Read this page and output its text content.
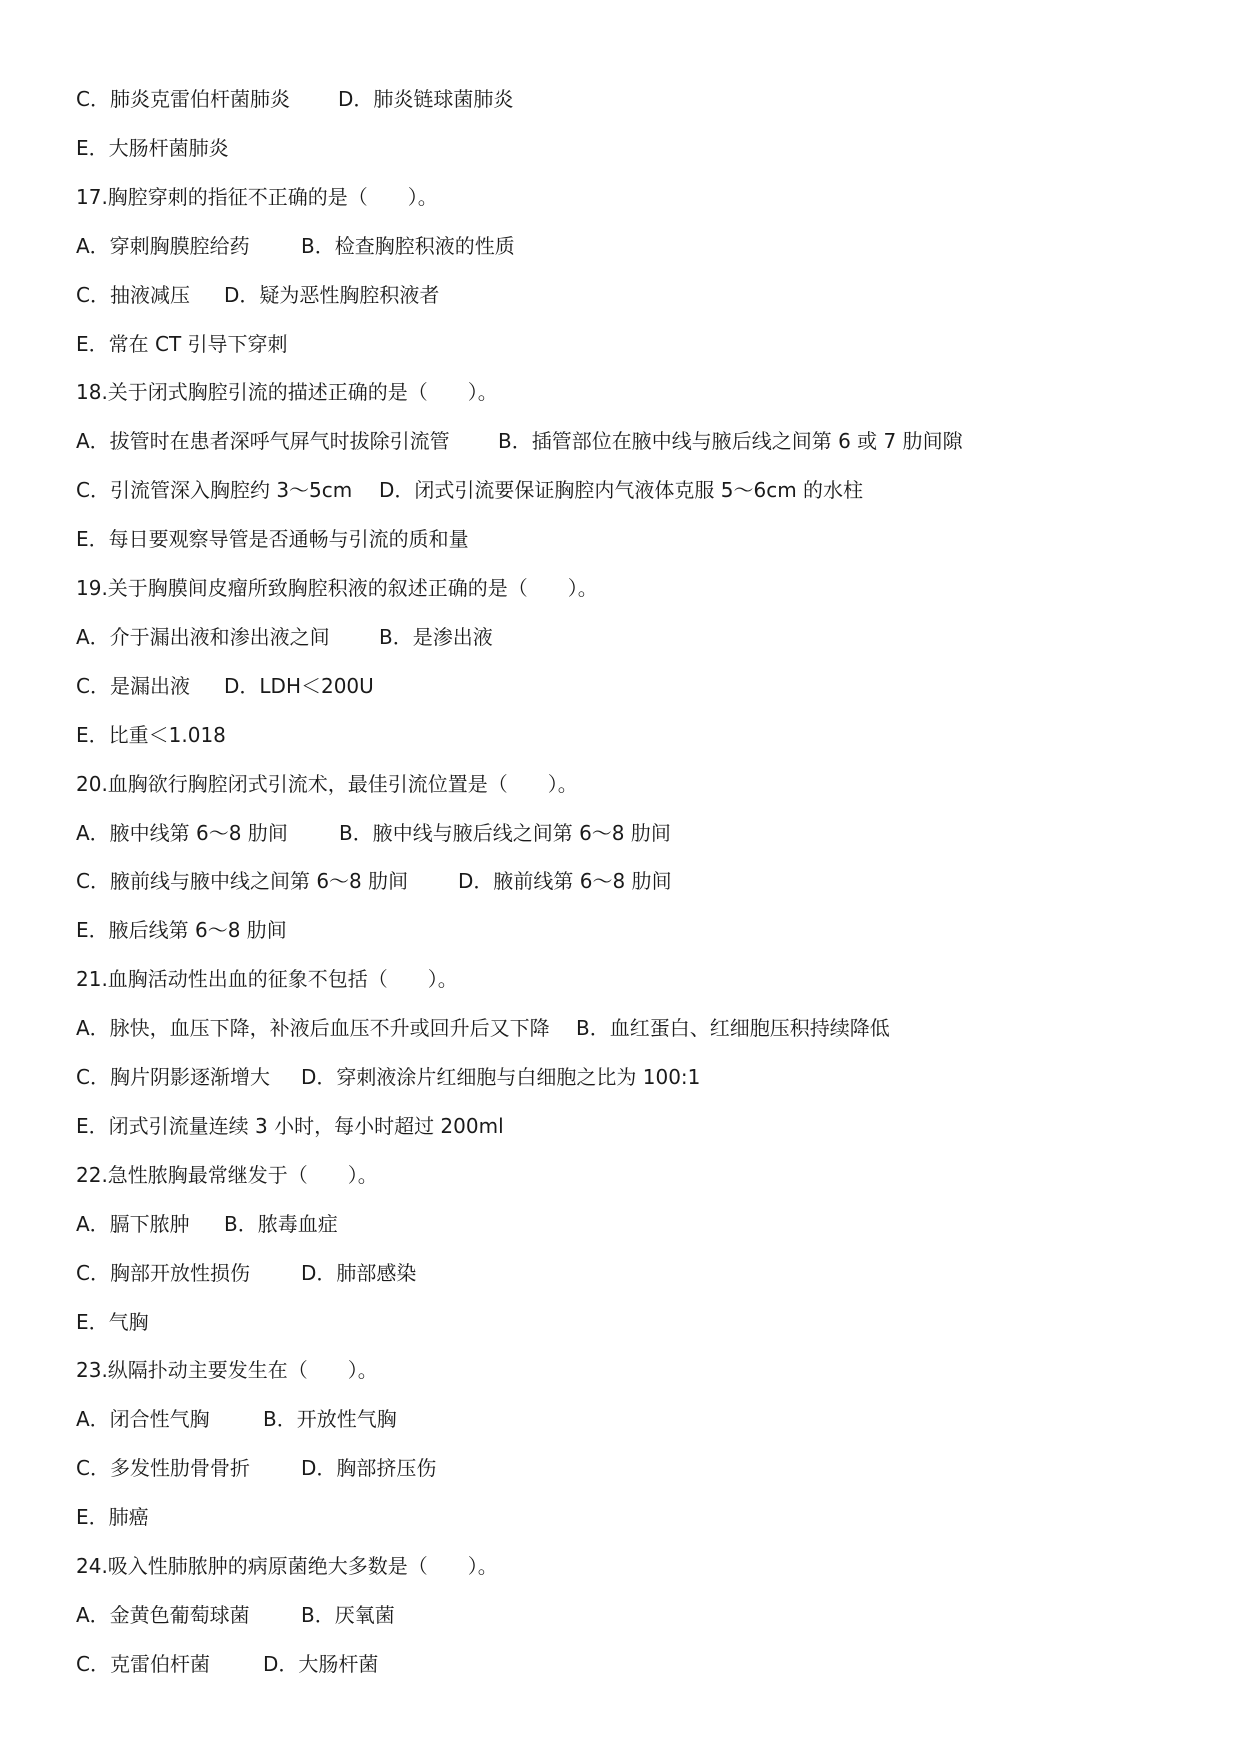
C．肺炎克雷伯杆菌肺炎 D．肺炎链球菌肺炎
E．大肠杆菌肺炎
17.胸腔穿刺的指征不正确的是（　　）。
A．穿刺胸膜腔给药	B．检查胸腔积液的性质
C．抽液减压 D．疑为恶性胸腔积液者
E．常在 CT 引导下穿刺
18.关于闭式胸腔引流的描述正确的是（　　）。
A．拔管时在患者深呼气屏气时拔除引流管 B．插管部位在腋中线与腋后线之间第 6 或 7 肋间隙
C．引流管深入胸腔约 3～5cm D．闭式引流要保证胸腔内气液体克服 5～6cm 的水柱
E．每日要观察导管是否通畅与引流的质和量
19.关于胸膜间皮瘤所致胸腔积液的叙述正确的是（　　）。
A．介于漏出液和渗出液之间 B．是渗出液
C．是漏出液 D．LDH＜200U
E．比重＜1.018
20.血胸欲行胸腔闭式引流术，最佳引流位置是（　　）。
A．腋中线第 6～8 肋间	B．腋中线与腋后线之间第 6～8 肋间
C．腋前线与腋中线之间第 6～8 肋间 D．腋前线第 6～8 肋间
E．腋后线第 6～8 肋间
21.血胸活动性出血的征象不包括（　　）。
A．脉快，血压下降，补液后血压不升或回升后又下降 B．血红蛋白、红细胞压积持续降低
C．胸片阴影逐渐增大 D．穿刺液涂片红细胞与白细胞之比为 100:1
E．闭式引流量连续 3 小时，每小时超过 200ml
22.急性脓胸最常继发于（　　）。
A．膈下脓肿 B．脓毒血症
C．胸部开放性损伤	D．肺部感染
E．气胸
23.纵隔扑动主要发生在（　　）。
A．闭合性气胸	B．开放性气胸
C．多发性肋骨骨折	D．胸部挤压伤
E．肺癌
24.吸入性肺脓肿的病原菌绝大多数是（　　）。
A．金黄色葡萄球菌	B．厌氧菌
C．克雷伯杆菌	D．大肠杆菌
